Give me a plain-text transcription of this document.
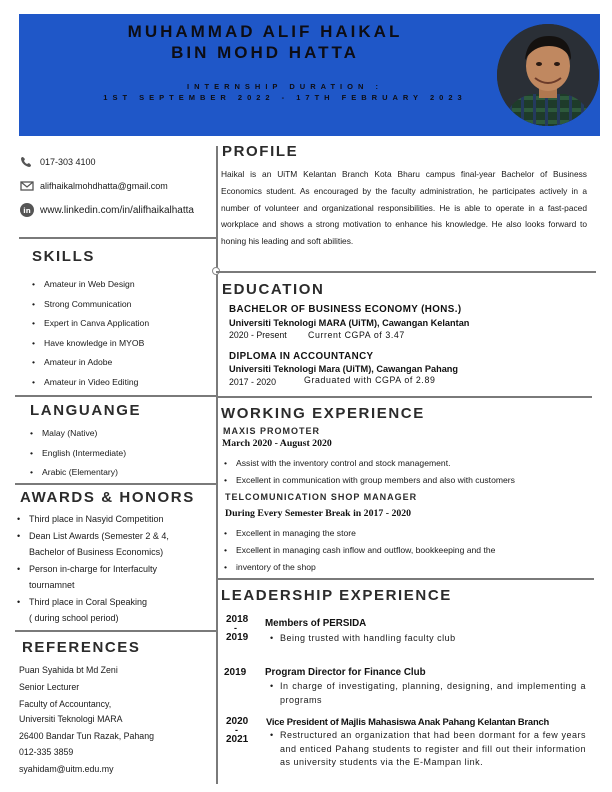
MUHAMMAD ALIF HAIKAL
BIN MOHD HATTA
INTERNSHIP DURATION :
1ST SEPTEMBER 2022 - 17TH FEBRUARY 2023
017-303 4100
alifhaikalmohdhatta@gmail.com
in www.linkedin.com/in/alifhaikalhatta
SKILLS
• Amateur in Web Design
• Strong Communication
• Expert in Canva Application
• Have knowledge in MYOB
• Amateur in Adobe
• Amateur in Video Editing
LANGUANGE
• Malay (Native)
• English (Intermediate)
• Arabic (Elementary)
AWARDS & HONORS
• Third place in Nasyid Competition
• Dean List Awards (Semester 2 & 4,
Bachelor of Business Economics)
• Person in-charge for Interfaculty
tournamnet
• Third place in Coral Speaking
( during school period)
REFERENCES
Puan Syahida bt Md Zeni
Senior Lecturer
Faculty of Accountancy,
Universiti Teknologi MARA
26400 Bandar Tun Razak, Pahang
012-335 3859
syahidam@uitm.edu.my
PROFILE
Haikal is an UiTM Kelantan Branch Kota Bharu campus final-year Bachelor of Business Economics student. As encouraged by the faculty administration, he participates actively in a number of volunteer and organizational responsibilities. He is able to operate in a fast-paced workplace and shows a strong motivation to enhance his knowledge. He also looks forward to honing his leading and soft abilities.
EDUCATION
BACHELOR OF BUSINESS ECONOMY (HONS.)
Universiti Teknologi MARA (UiTM), Cawangan Kelantan
2020 - Present Current CGPA of 3.47
DIPLOMA IN ACCOUNTANCY
Universiti Teknologi Mara (UiTM), Cawangan Pahang
2017 - 2020	Graduated with CGPA of 2.89
WORKING EXPERIENCE
MAXIS PROMOTER
March 2020 - August 2020
• Assist with the inventory control and stock management.
• Excellent in communication with group members and also with customers
TELCOMUNICATION SHOP MANAGER
During Every Semester Break in 2017 - 2020
• Excellent in managing the store
• Excellent in managing cash inflow and outflow, bookkeeping and the
• inventory of the shop
LEADERSHIP EXPERIENCE
2018
-
2019
Members of PERSIDA
• Being trusted with handling faculty club
2019 Program Director for Finance Club
• In charge of investigating, planning, designing, and implementing a programs
2020
-
2021
Vice President of Majlis Mahasiswa Anak Pahang Kelantan Branch
• Restructured an organization that had been dormant for a few years and enticed Pahang students to register and fill out their information as university students via the E-Mampan link.
